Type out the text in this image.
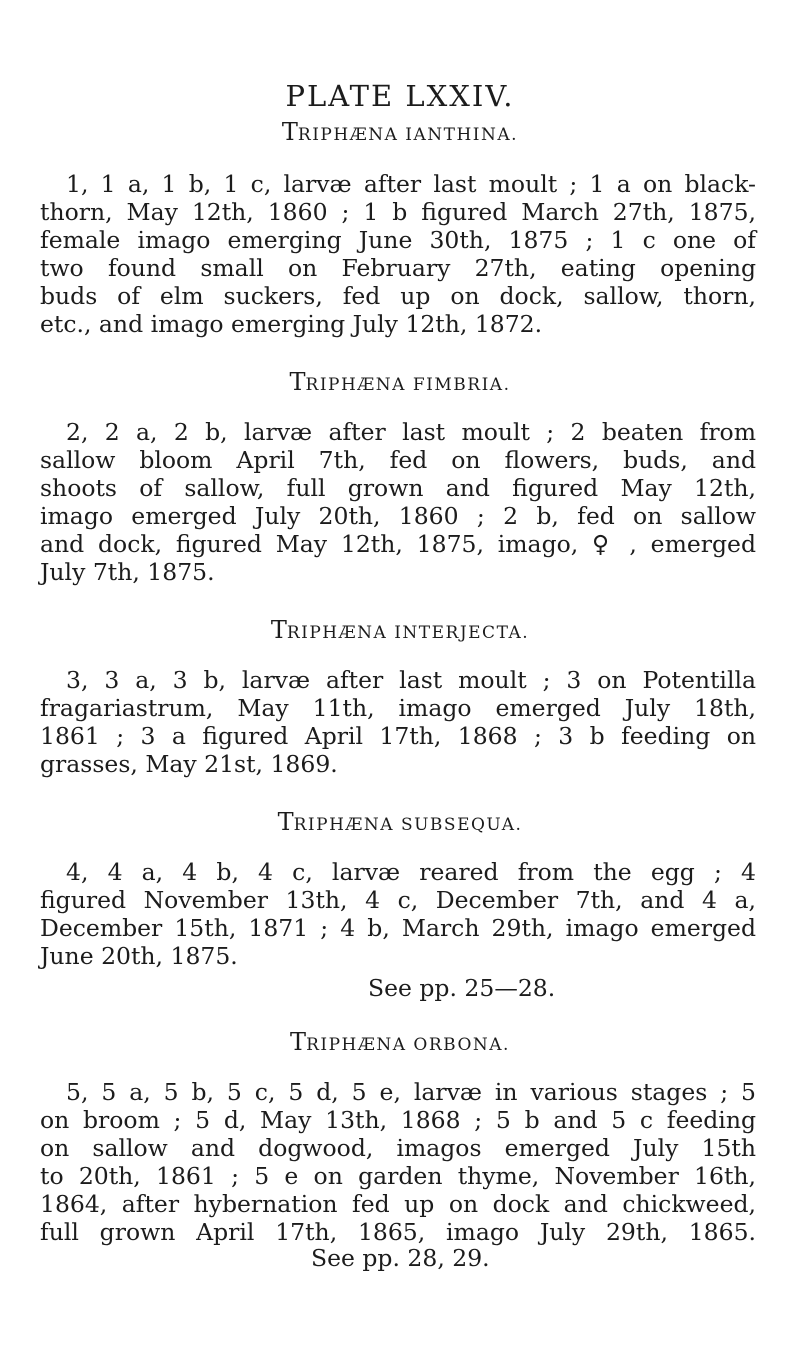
PLATE LXXIV.
TRIPHÆNA IANTHINA.
1, 1 a, 1 b, 1 c, larvæ after last moult ; 1 a on black-
thorn, May 12th, 1860 ; 1 b figured March 27th, 1875,
female imago emerging June 30th, 1875 ; 1 c one of
two found small on February 27th, eating opening
buds of elm suckers, fed up on dock, sallow, thorn,
etc., and imago emerging July 12th, 1872.
TRIPHÆNA FIMBRIA.
2, 2 a, 2 b, larvæ after last moult ; 2 beaten from
sallow bloom April 7th, fed on flowers, buds, and
shoots of sallow, full grown and figured May 12th,
imago emerged July 20th, 1860 ; 2 b, fed on sallow
and dock, figured May 12th, 1875, imago, ♀ , emerged
July 7th, 1875.
TRIPHÆNA INTERJECTA.
3, 3 a, 3 b, larvæ after last moult ; 3 on Potentilla
fragariastrum, May 11th, imago emerged July 18th,
1861 ; 3 a figured April 17th, 1868 ; 3 b feeding on
grasses, May 21st, 1869.
TRIPHÆNA SUBSEQUA.
4, 4 a, 4 b, 4 c, larvæ reared from the egg ; 4
figured November 13th, 4 c, December 7th, and 4 a,
December 15th, 1871 ; 4 b, March 29th, imago emerged
June 20th, 1875.
See pp. 25—28.
TRIPHÆNA ORBONA.
5, 5 a, 5 b, 5 c, 5 d, 5 e, larvæ in various stages ; 5
on broom ; 5 d, May 13th, 1868 ; 5 b and 5 c feeding
on sallow and dogwood, imagos emerged July 15th
to 20th, 1861 ; 5 e on garden thyme, November 16th,
1864, after hybernation fed up on dock and chickweed,
full grown April 17th, 1865, imago July 29th, 1865.
See pp. 28, 29.
